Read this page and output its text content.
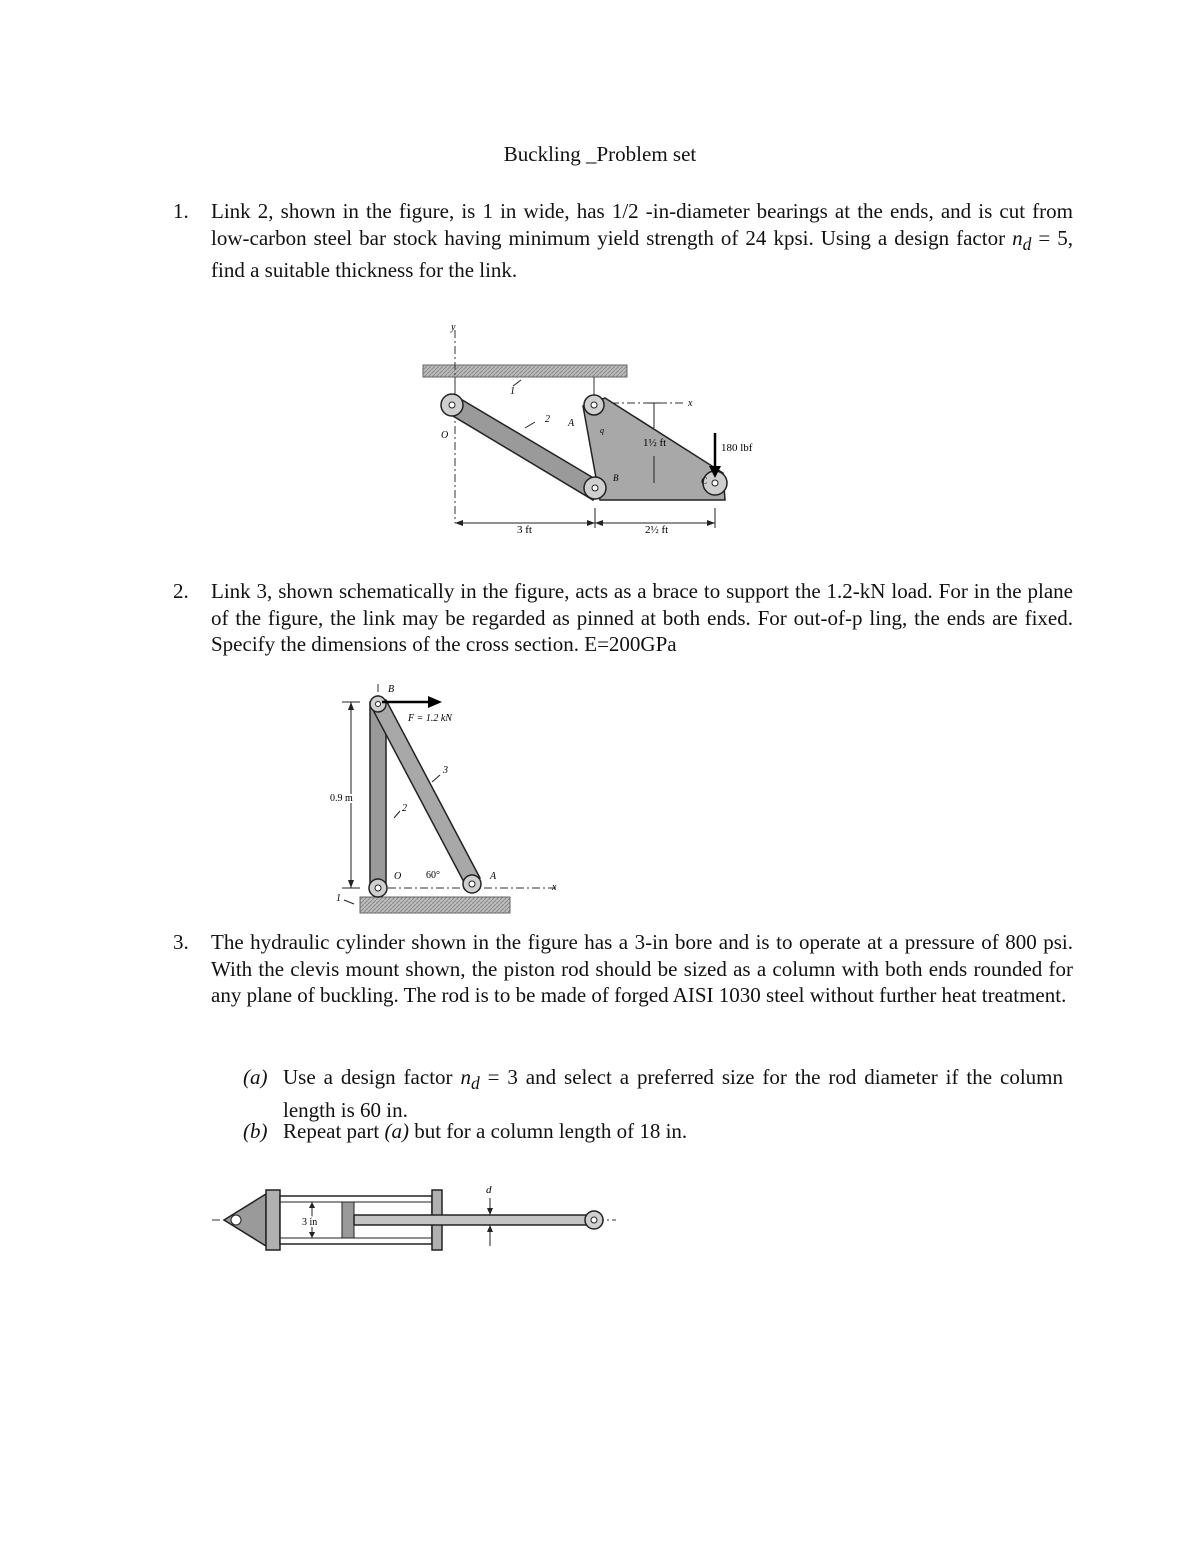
Buckling _Problem set
1. Link 2, shown in the figure, is 1 in wide, has 1/2 -in-diameter bearings at the ends, and is cut from low-carbon steel bar stock having minimum yield strength of 24 kpsi. Using a design factor $n_d = 5$, find a suitable thickness for the link.
y
x
1
2 A
q
O
B	C
1½ ft	180 lbf
3 ft	2½ ft
2. Link 3, shown schematically in the figure, acts as a brace to support the 1.2-kN load. For in the plane of the figure, the link may be regarded as pinned at both ends. For out-of-p ling, the ends are fixed. Specify the dimensions of the cross section. E=200GPa
x
B
F = 1.2 kN
3
2
0.9 m
O 60°	A
1
3. The hydraulic cylinder shown in the figure has a 3-in bore and is to operate at a pressure of 800 psi. With the clevis mount shown, the piston rod should be sized as a column with both ends rounded for any plane of buckling. The rod is to be made of forged AISI 1030 steel without further heat treatment.
(a) Use a design factor $n_d = 3$ and select a preferred size for the rod diameter if the column length is 60 in.
(b) Repeat part (a) but for a column length of 18 in.
3 in
d
